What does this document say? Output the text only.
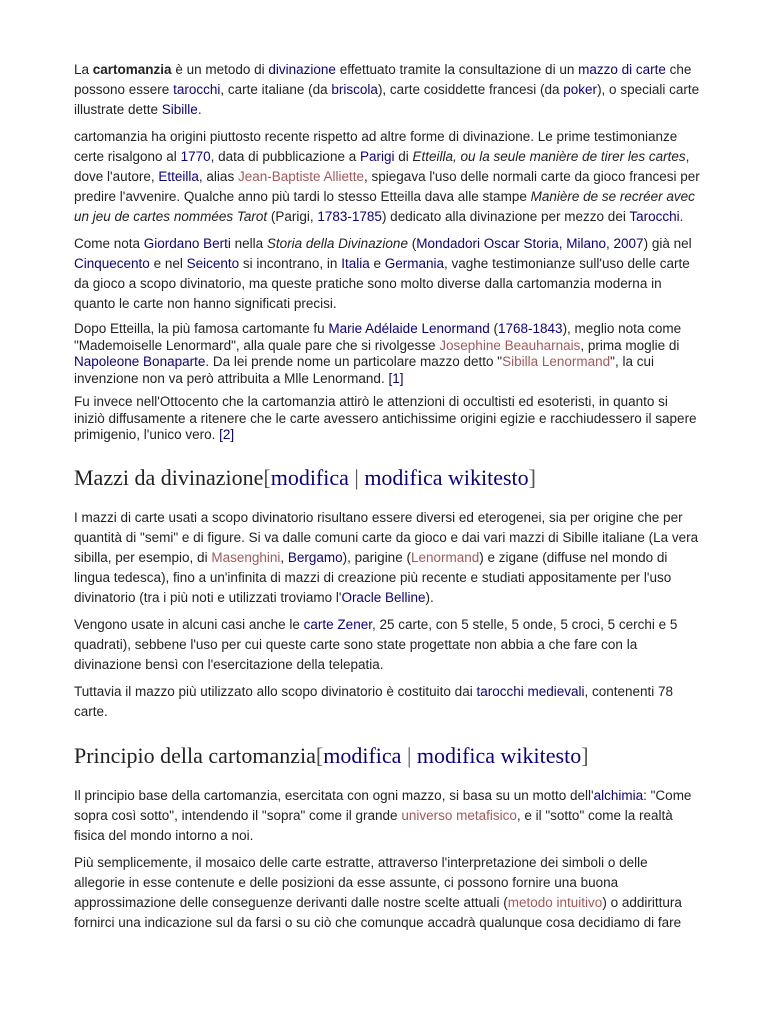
La cartomanzia è un metodo di divinazione effettuato tramite la consultazione di un mazzo di carte che possono essere tarocchi, carte italiane (da briscola), carte cosiddette francesi (da poker), o speciali carte illustrate dette Sibille.

cartomanzia ha origini piuttosto recente rispetto ad altre forme di divinazione. Le prime testimonianze certe risalgono al 1770, data di pubblicazione a Parigi di Etteilla, ou la seule manière de tirer les cartes, dove l'autore, Etteilla, alias Jean-Baptiste Alliette, spiegava l'uso delle normali carte da gioco francesi per predire l'avvenire. Qualche anno più tardi lo stesso Etteilla dava alle stampe Manière de se recréer avec un jeu de cartes nommées Tarot (Parigi, 1783-1785) dedicato alla divinazione per mezzo dei Tarocchi.

Come nota Giordano Berti nella Storia della Divinazione (Mondadori Oscar Storia, Milano, 2007) già nel Cinquecento e nel Seicento si incontrano, in Italia e Germania, vaghe testimonianze sull'uso delle carte da gioco a scopo divinatorio, ma queste pratiche sono molto diverse dalla cartomanzia moderna in quanto le carte non hanno significati precisi.

Dopo Etteilla, la più famosa cartomante fu Marie Adélaide Lenormand (1768-1843), meglio nota come "Mademoiselle Lenormard", alla quale pare che si rivolgesse Josephine Beauharnais, prima moglie di Napoleone Bonaparte. Da lei prende nome un particolare mazzo detto "Sibilla Lenormand", la cui invenzione non va però attribuita a Mlle Lenormand. [1]

Fu invece nell'Ottocento che la cartomanzia attirò le attenzioni di occultisti ed esoteristi, in quanto si iniziò diffusamente a ritenere che le carte avessero antichissime origini egizie e racchiudessero il sapere primigenio, l'unico vero. [2]

Mazzi da divinazione[modifica | modifica wikitesto]

I mazzi di carte usati a scopo divinatorio risultano essere diversi ed eterogenei, sia per origine che per quantità di "semi" e di figure. Si va dalle comuni carte da gioco e dai vari mazzi di Sibille italiane (La vera sibilla, per esempio, di Masenghini, Bergamo), parigine (Lenormand) e zigane (diffuse nel mondo di lingua tedesca), fino a un'infinita di mazzi di creazione più recente e studiati appositamente per l'uso divinatorio (tra i più noti e utilizzati troviamo l'Oracle Belline).

Vengono usate in alcuni casi anche le carte Zener, 25 carte, con 5 stelle, 5 onde, 5 croci, 5 cerchi e 5 quadrati), sebbene l'uso per cui queste carte sono state progettate non abbia a che fare con la divinazione bensì con l'esercitazione della telepatia.

Tuttavia il mazzo più utilizzato allo scopo divinatorio è costituito dai tarocchi medievali, contenenti 78 carte.

Principio della cartomanzia[modifica | modifica wikitesto]

Il principio base della cartomanzia, esercitata con ogni mazzo, si basa su un motto dell'alchimia: "Come sopra così sotto", intendendo il "sopra" come il grande universo metafisico, e il "sotto" come la realtà fisica del mondo intorno a noi.

Più semplicemente, il mosaico delle carte estratte, attraverso l'interpretazione dei simboli o delle allegorie in esse contenute e delle posizioni da esse assunte, ci possono fornire una buona approssimazione delle conseguenze derivanti dalle nostre scelte attuali (metodo intuitivo) o addirittura fornirci una indicazione sul da farsi o su ciò che comunque accadrà qualunque cosa decidiamo di fare
